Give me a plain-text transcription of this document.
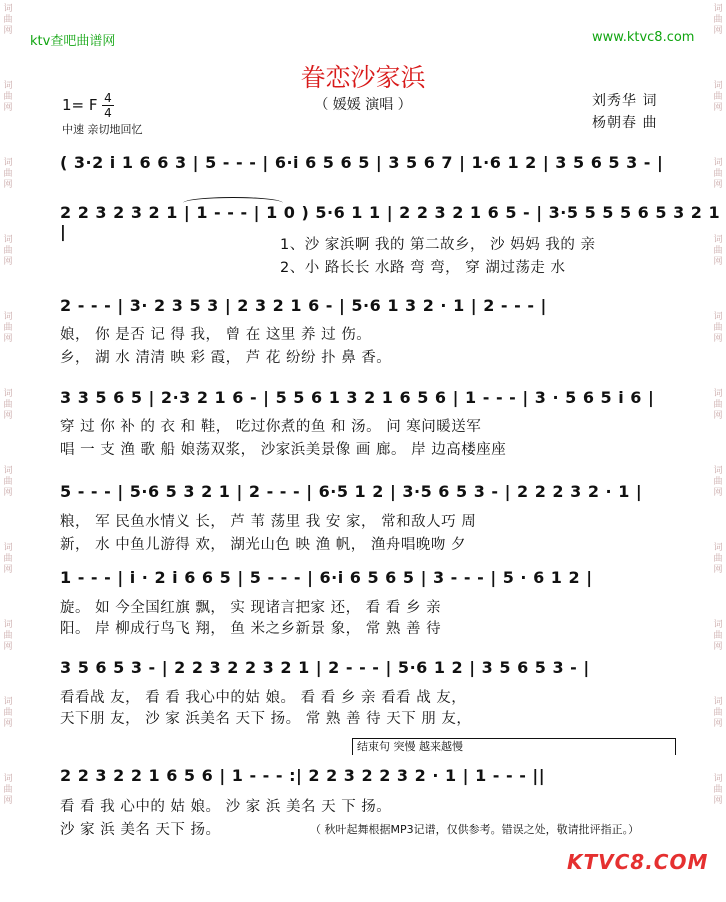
词曲网
词曲网
词曲网
词曲网
词曲网
词曲网
词曲网
词曲网
词曲网
词曲网
词曲网
词曲网
词曲网
词曲网
词曲网
词曲网
词曲网
词曲网
词曲网
词曲网
词曲网
词曲网
ktv查吧曲谱网	www.ktvc8.com
眷恋沙家浜
（ 媛媛 演唱 ）
1= F 4
4
中速 亲切地回忆
刘秀华 词
杨朝春 曲
( 3·2 i 1 6 6 3 | 5 - - - | 6·i 6 5 6 5 | 3 5 6 7 | 1·6 1 2 | 3 5 6 5 3 - |
2 2 3 2 3 2 1 | 1 - - - | 1 0 ) 5·6 1 1 | 2 2 3 2 1 6 5 - | 3·5 5 5 5 6 5 3 2 1 |
1、沙 家浜啊 我的 第二故乡， 沙 妈妈 我的 亲
2、小 路长长 水路 弯 弯， 穿 湖过荡走 水
2 - - - | 3· 2 3 5 3 | 2 3 2 1 6 - | 5·6 1 3 2 · 1 | 2 - - - |
娘， 你 是否 记 得 我， 曾 在 这里 养 过 伤。
乡， 湖 水 清清 映 彩 霞， 芦 花 纷纷 扑 鼻 香。
3 3 5 6 5 | 2·3 2 1 6 - | 5 5 6 1 3 2 1 6 5 6 | 1 - - - | 3 · 5 6 5 i 6 |
穿 过 你 补 的 衣 和 鞋， 吃过你煮的鱼 和 汤。 问 寒问暖送军
唱 一 支 渔 歌 船 娘荡双浆， 沙家浜美景像 画 廊。 岸 边高楼座座
5 - - - | 5·6 5 3 2 1 | 2 - - - | 6·5 1 2 | 3·5 6 5 3 - | 2 2 2 3 2 · 1 |
粮， 军 民鱼水情义 长， 芦 苇 荡里 我 安 家， 常和敌人巧 周
新， 水 中鱼儿游得 欢， 湖光山色 映 渔 帆， 渔舟唱晚吻 夕
1 - - - | i · 2 i 6 6 5 | 5 - - - | 6·i 6 5 6 5 | 3 - - - | 5 · 6 1 2 |
旋。 如 今全国红旗 飘， 实 现诸言把家 还， 看 看 乡 亲
阳。 岸 柳成行鸟飞 翔， 鱼 米之乡新景 象， 常 熟 善 待
3 5 6 5 3 - | 2 2 3 2 2 3 2 1 | 2 - - - | 5·6 1 2 | 3 5 6 5 3 - |
看看战 友， 看 看 我心中的姑 娘。 看 看 乡 亲 看看 战 友，
天下朋 友， 沙 家 浜美名 天下 扬。 常 熟 善 待 天下 朋 友，
结束句 突慢 越来越慢
2 2 3 2 2 1 6 5 6 | 1 - - - :| 2 2 3 2 2 3 2 · 1 | 1 - - - ||
看 看 我 心中的 姑 娘。 沙 家 浜 美名 天 下 扬。
沙 家 浜 美名 天下 扬。	（ 秋叶起舞根据MP3记谱，仅供参考。错误之处，敬请批评指正。）
KTVC8.COM
